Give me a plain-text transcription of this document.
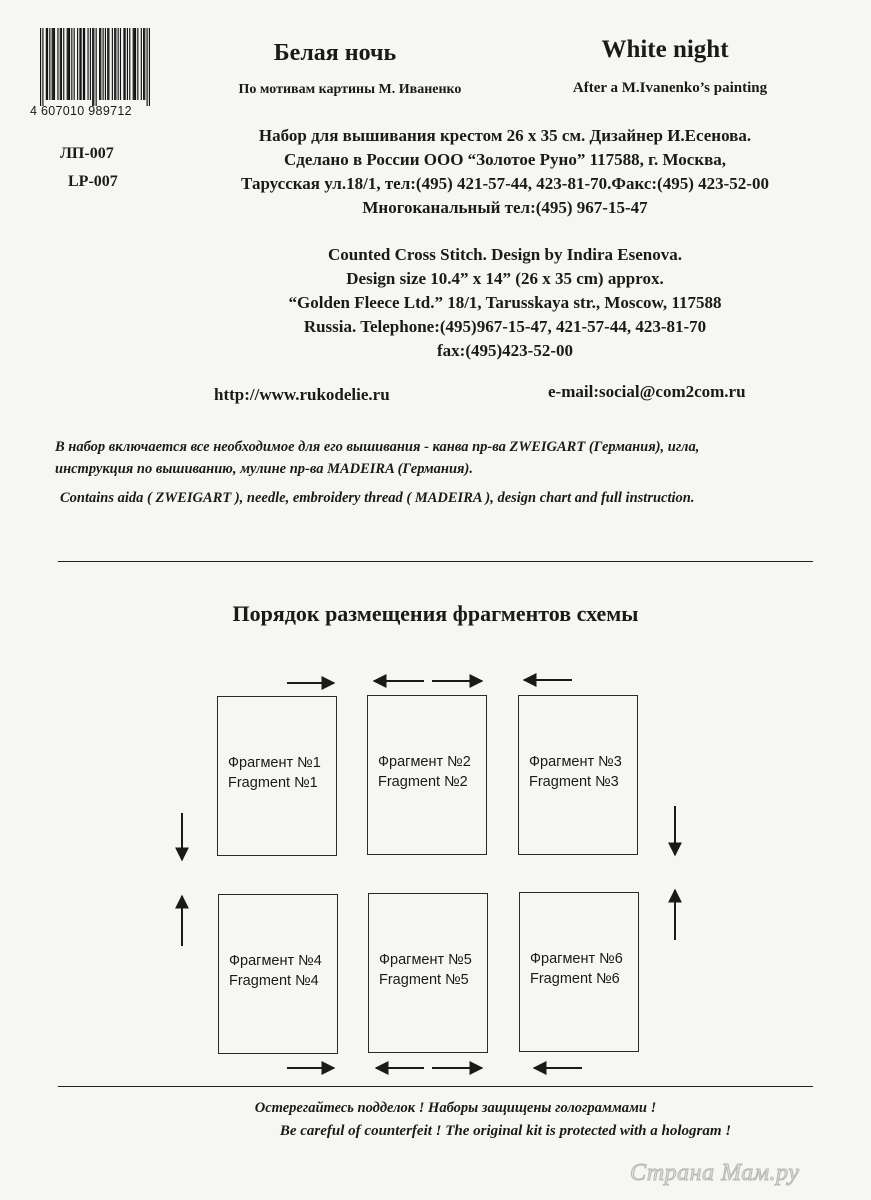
4 607010 989712
Белая ночь	White night
По мотивам картины М. Иваненко	After a M.Ivanenko’s painting
ЛП-007
LP-007
Набор для вышивания крестом 26 x 35 см. Дизайнер И.Есенова.
Сделано в России ООО “Золотое Руно” 117588, г. Москва,
Тарусская ул.18/1, тел:(495) 421-57-44, 423-81-70.Факс:(495) 423-52-00
Многоканальный тел:(495) 967-15-47
Counted Cross Stitch. Design by Indira Esenova.
Design size 10.4” x 14” (26 x 35 cm) approx.
“Golden Fleece Ltd.” 18/1, Tarusskaya str., Moscow, 117588
Russia. Telephone:(495)967-15-47, 421-57-44, 423-81-70
fax:(495)423-52-00
http://www.rukodelie.ru	e-mail:social@com2com.ru
В набор включается все необходимое для его вышивания - канва пр-ва ZWEIGART (Германия), игла,
инструкция по вышиванию, мулине пр-ва MADEIRA (Германия).
Contains aida ( ZWEIGART ), needle, embroidery thread ( MADEIRA ), design chart and full instruction.
Порядок размещения фрагментов схемы
Фрагмент №1
Fragment №1
Фрагмент №2
Fragment №2
Фрагмент №3
Fragment №3
Фрагмент №4
Fragment №4
Фрагмент №5
Fragment №5
Фрагмент №6
Fragment №6
Остерегайтесь подделок ! Наборы защищены голограммами !
Be careful of counterfeit ! The original kit is protected with a hologram !
Страна Мам.ру
